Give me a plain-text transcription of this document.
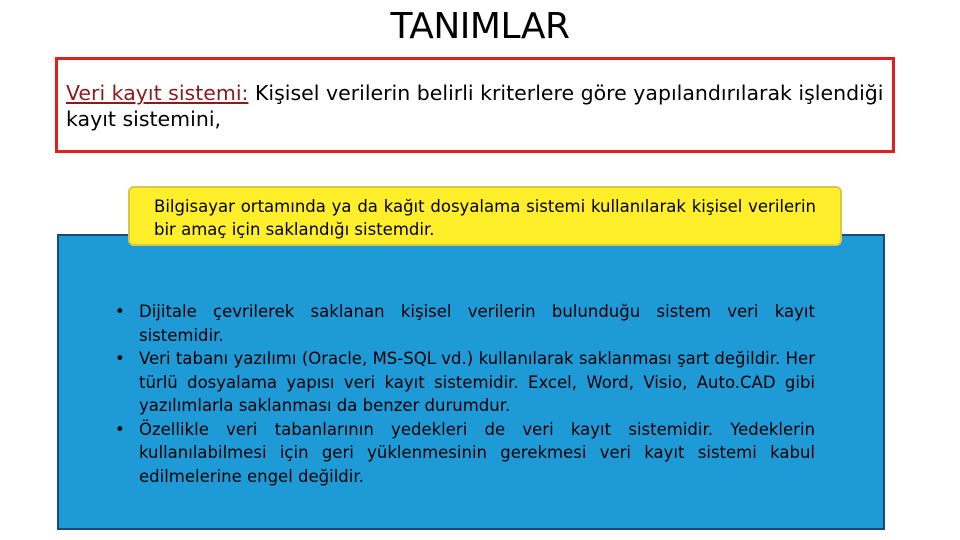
TANIMLAR
Veri kayıt sistemi: Kişisel verilerin belirli kriterlere göre yapılandırılarak işlendiği kayıt sistemini,
Bilgisayar ortamında ya da kağıt dosyalama sistemi kullanılarak kişisel verilerin bir amaç için saklandığı sistemdir.
• Dijitale çevrilerek saklanan kişisel verilerin bulunduğu sistem veri kayıt sistemidir.
• Veri tabanı yazılımı (Oracle, MS-SQL vd.) kullanılarak saklanması şart değildir. Her türlü dosyalama yapısı veri kayıt sistemidir. Excel, Word, Visio, Auto.CAD gibi yazılımlarla saklanması da benzer durumdur.
• Özellikle veri tabanlarının yedekleri de veri kayıt sistemidir. Yedeklerin kullanılabilmesi için geri yüklenmesinin gerekmesi veri kayıt sistemi kabul edilmelerine engel değildir.
